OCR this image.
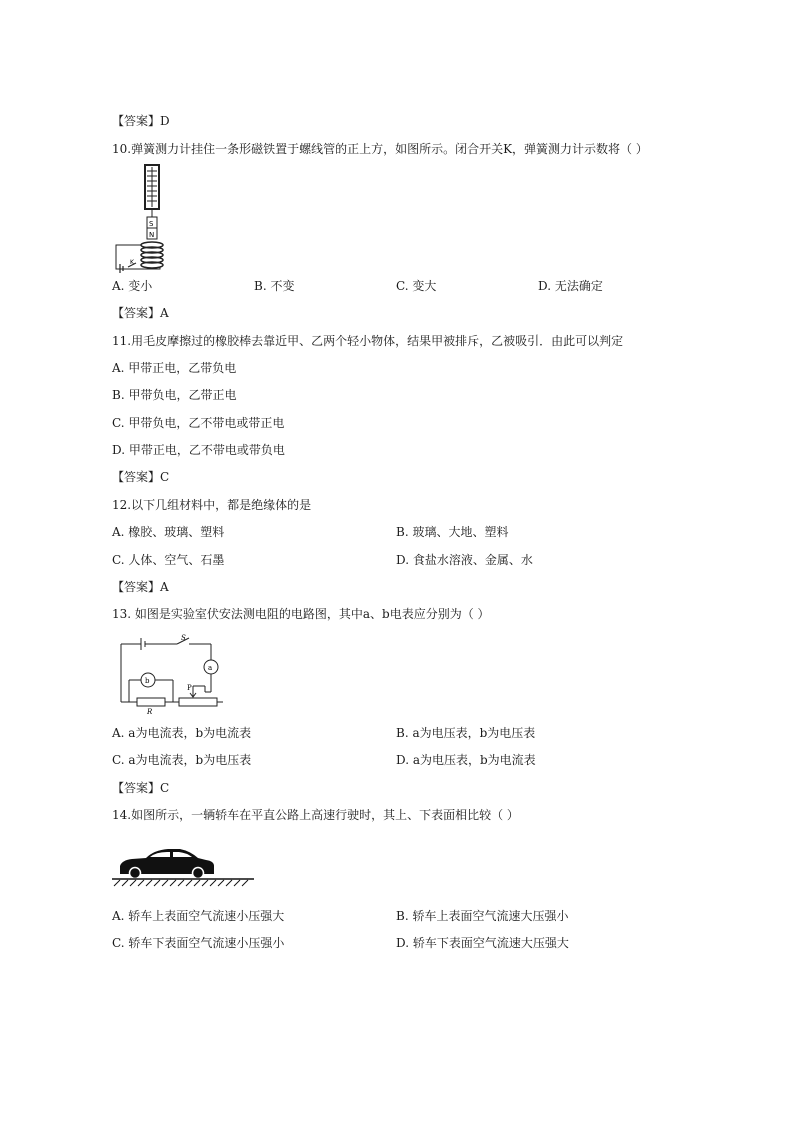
【答案】D
10.弹簧测力计挂住一条形磁铁置于螺线管的正上方，如图所示。闭合开关K，弹簧测力计示数将（ ）
S
N
K
A. 变小	B. 不变	C. 变大	D. 无法确定
【答案】A
11.用毛皮摩擦过的橡胶棒去靠近甲、乙两个轻小物体，结果甲被排斥，乙被吸引．由此可以判定
A. 甲带正电，乙带负电
B. 甲带负电，乙带正电
C. 甲带负电，乙不带电或带正电
D. 甲带正电，乙不带电或带负电
【答案】C
12.以下几组材料中，都是绝缘体的是
A. 橡胶、玻璃、塑料	B. 玻璃、大地、塑料
C. 人体、空气、石墨	D. 食盐水溶液、金属、水
【答案】A
13. 如图是实验室伏安法测电阻的电路图，其中a、b电表应分别为（ ）
S
a
b
P
R
A. a为电流表，b为电流表	B. a为电压表，b为电压表
C. a为电流表，b为电压表	D. a为电压表，b为电流表
【答案】C
14.如图所示，一辆轿车在平直公路上高速行驶时，其上、下表面相比较（ ）
A. 轿车上表面空气流速小压强大	B. 轿车上表面空气流速大压强小
C. 轿车下表面空气流速小压强小	D. 轿车下表面空气流速大压强大
